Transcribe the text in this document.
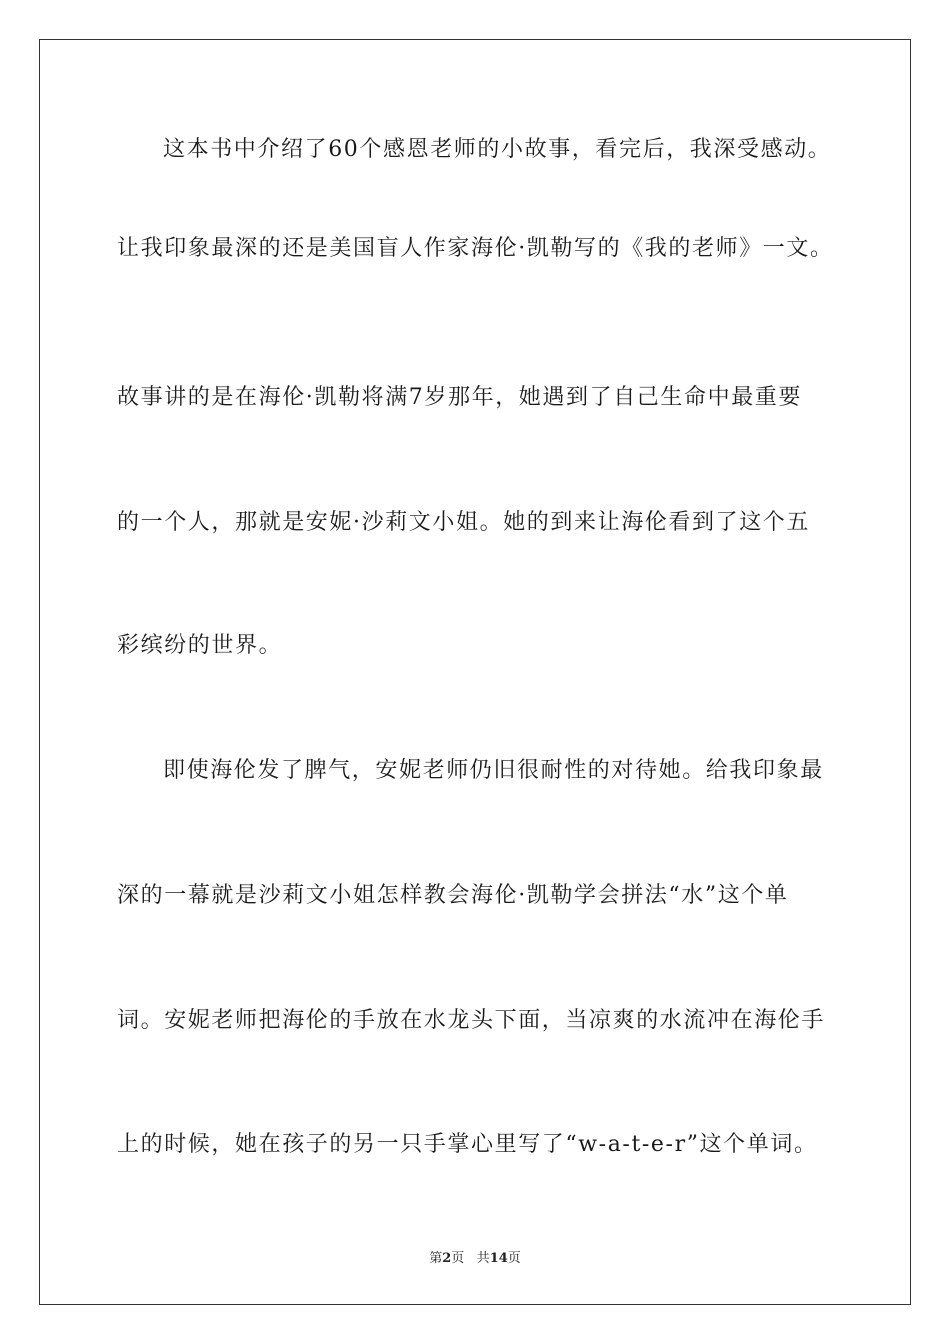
这本书中介绍了60个感恩老师的小故事，看完后，我深受感动。
让我印象最深的还是美国盲人作家海伦·凯勒写的《我的老师》一文。
故事讲的是在海伦·凯勒将满7岁那年，她遇到了自己生命中最重要
的一个人，那就是安妮·沙莉文小姐。她的到来让海伦看到了这个五
彩缤纷的世界。
即使海伦发了脾气，安妮老师仍旧很耐性的对待她。给我印象最
深的一幕就是沙莉文小姐怎样教会海伦·凯勒学会拼法“水”这个单
词。安妮老师把海伦的手放在水龙头下面，当凉爽的水流冲在海伦手
上的时候，她在孩子的另一只手掌心里写了“w-a-t-e-r”这个单词。
第2页 共14页
